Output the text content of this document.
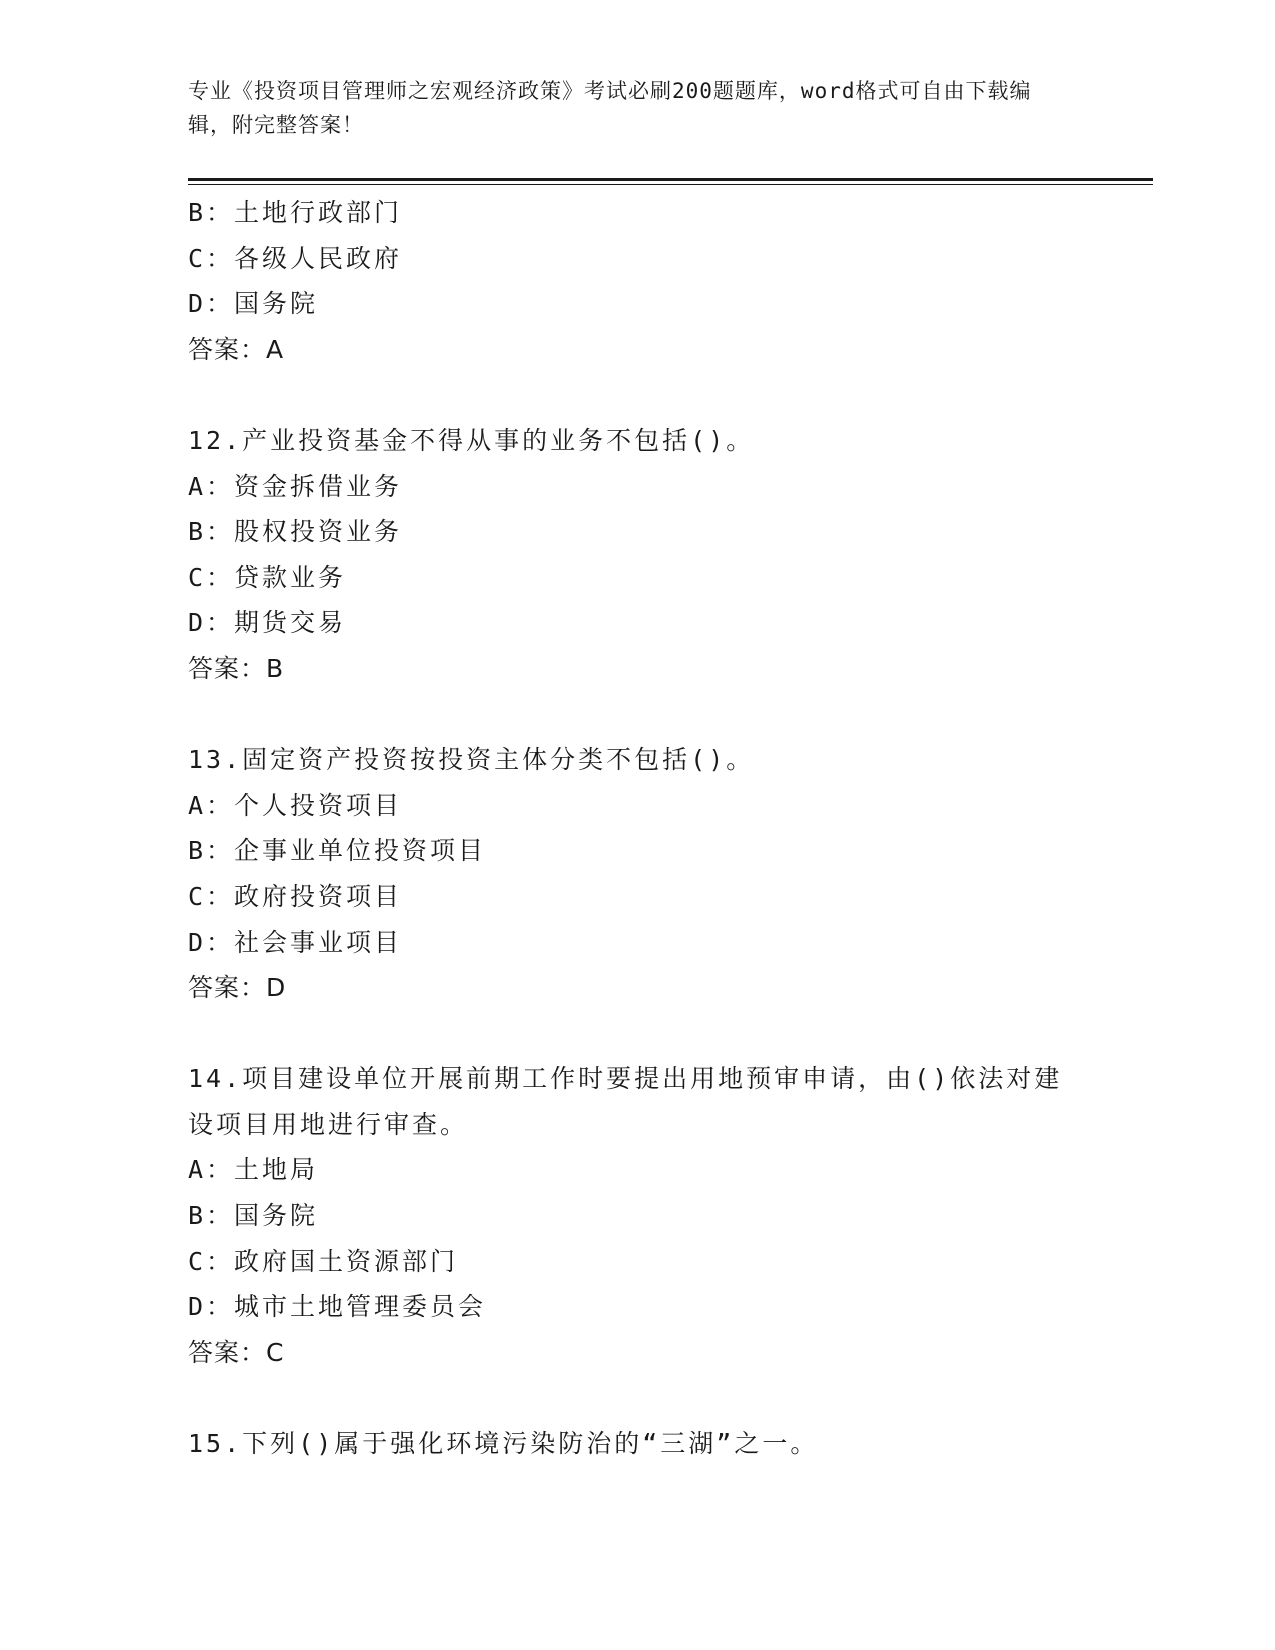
专业《投资项目管理师之宏观经济政策》考试必刷200题题库，word格式可自由下载编辑，附完整答案！
B：土地行政部门
C：各级人民政府
D：国务院
答案：A
12.产业投资基金不得从事的业务不包括()。
A：资金拆借业务
B：股权投资业务
C：贷款业务
D：期货交易
答案：B
13.固定资产投资按投资主体分类不包括()。
A：个人投资项目
B：企事业单位投资项目
C：政府投资项目
D：社会事业项目
答案：D
14.项目建设单位开展前期工作时要提出用地预审申请，由()依法对建设项目用地进行审查。
A：土地局
B：国务院
C：政府国土资源部门
D：城市土地管理委员会
答案：C
15.下列()属于强化环境污染防治的“三湖”之一。
